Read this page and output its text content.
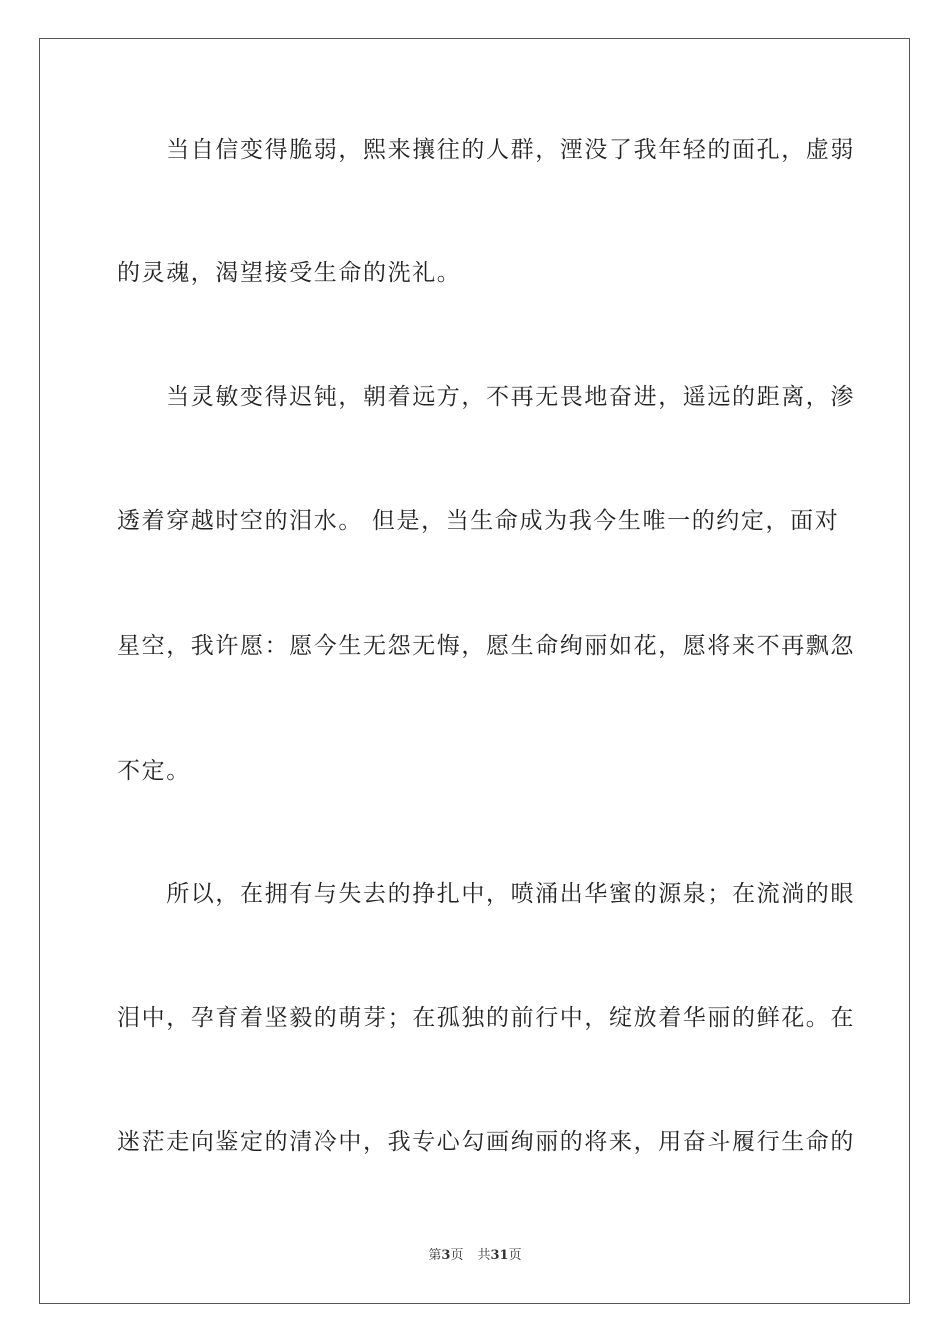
　　当自信变得脆弱，熙来攘往的人群，湮没了我年轻的面孔，虚弱
的灵魂，渴望接受生命的洗礼。
　　当灵敏变得迟钝，朝着远方，不再无畏地奋进，遥远的距离，渗
透着穿越时空的泪水。 但是，当生命成为我今生唯一的约定，面对
星空，我许愿：愿今生无怨无悔，愿生命绚丽如花，愿将来不再飘忽
不定。
　　所以，在拥有与失去的挣扎中，喷涌出华蜜的源泉；在流淌的眼
泪中，孕育着坚毅的萌芽；在孤独的前行中，绽放着华丽的鲜花。在
迷茫走向鉴定的清冷中，我专心勾画绚丽的将来，用奋斗履行生命的
第3页 共31页
